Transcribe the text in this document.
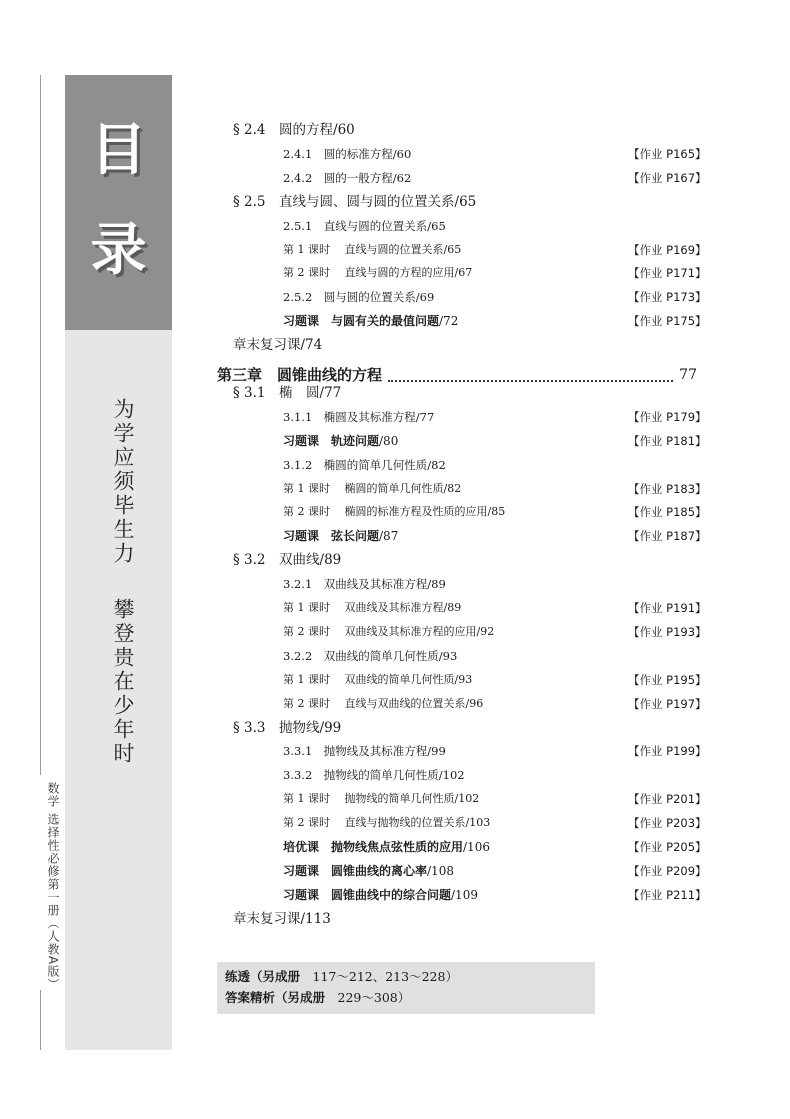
目
录
为学应须毕生力
攀登贵在少年时
数学 选择性必修第一册（人教A版）
§ 2.4　圆的方程/60
2.4.1　圆的标准方程/60	【作业 P165】
2.4.2　圆的一般方程/62	【作业 P167】
§ 2.5　直线与圆、圆与圆的位置关系/65
2.5.1　直线与圆的位置关系/65
第 1 课时　 直线与圆的位置关系/65	【作业 P169】
第 2 课时　 直线与圆的方程的应用/67	【作业 P171】
2.5.2　圆与圆的位置关系/69	【作业 P173】
习题课　与圆有关的最值问题/72	【作业 P175】
章末复习课/74
第三章　圆锥曲线的方程	77
§ 3.1　椭　圆/77
3.1.1　椭圆及其标准方程/77	【作业 P179】
习题课　轨迹问题/80	【作业 P181】
3.1.2　椭圆的简单几何性质/82
第 1 课时　 椭圆的简单几何性质/82	【作业 P183】
第 2 课时　 椭圆的标准方程及性质的应用/85	【作业 P185】
习题课　弦长问题/87	【作业 P187】
§ 3.2　双曲线/89
3.2.1　双曲线及其标准方程/89
第 1 课时　 双曲线及其标准方程/89	【作业 P191】
第 2 课时　 双曲线及其标准方程的应用/92	【作业 P193】
3.2.2　双曲线的简单几何性质/93
第 1 课时　 双曲线的简单几何性质/93	【作业 P195】
第 2 课时　 直线与双曲线的位置关系/96	【作业 P197】
§ 3.3　抛物线/99
3.3.1　抛物线及其标准方程/99	【作业 P199】
3.3.2　抛物线的简单几何性质/102
第 1 课时　 抛物线的简单几何性质/102	【作业 P201】
第 2 课时　 直线与抛物线的位置关系/103	【作业 P203】
培优课　抛物线焦点弦性质的应用/106	【作业 P205】
习题课　圆锥曲线的离心率/108	【作业 P209】
习题课　圆锥曲线中的综合问题/109	【作业 P211】
章末复习课/113
练透（另成册　117～212、213～228）
答案精析（另成册　229～308）
